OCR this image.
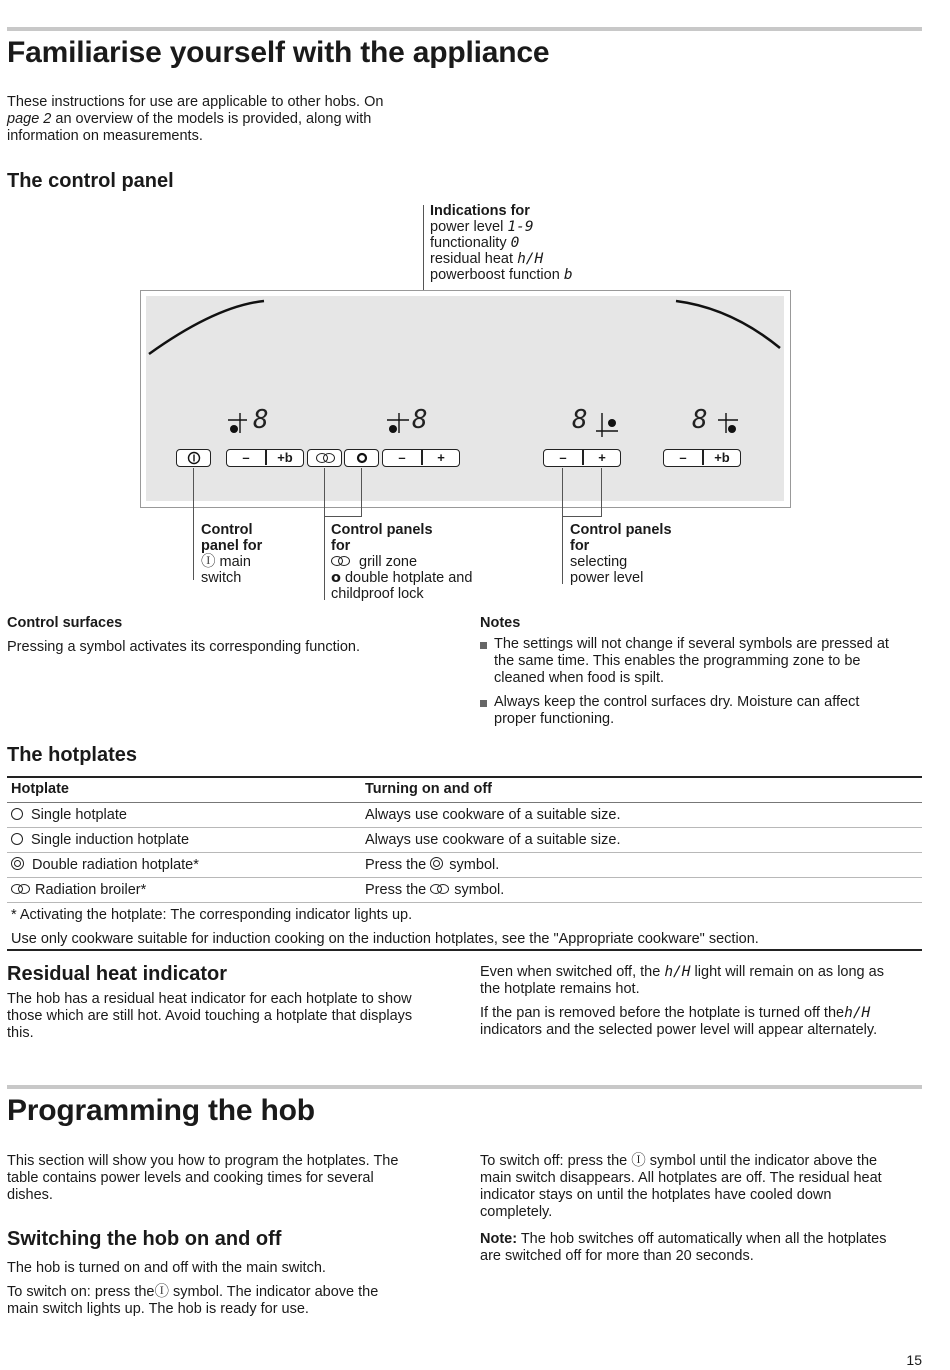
Familiarise yourself with the appliance
These instructions for use are applicable to other hobs. On
page 2 an overview of the models is provided, along with
information on measurements.
The control panel
Indications for
power level 1-9
functionality 0
residual heat h/H
powerboost function b
8	8	8	8
–	+b	–	+	–	+	–	+b
Control
panel for
Ⓘ main
switch
Control panels
for
grill zone
o double hotplate and
childproof lock
Control panels
for
selecting
power level
Control surfaces
Pressing a symbol activates its corresponding function.
Notes
The settings will not change if several symbols are pressed at
the same time. This enables the programming zone to be
cleaned when food is spilt.
Always keep the control surfaces dry. Moisture can affect
proper functioning.
The hotplates
Hotplate	Turning on and off
Single hotplate	Always use cookware of a suitable size.
Single induction hotplate	Always use cookware of a suitable size.
Double radiation hotplate*	Press the  symbol.
Radiation broiler*	Press the  symbol.
* Activating the hotplate: The corresponding indicator lights up.
Use only cookware suitable for induction cooking on the induction hotplates, see the "Appropriate cookware" section.
Residual heat indicator
The hob has a residual heat indicator for each hotplate to show
those which are still hot. Avoid touching a hotplate that displays
this.
Even when switched off, the h/H light will remain on as long as
the hotplate remains hot.
If the pan is removed before the hotplate is turned off theh/H
indicators and the selected power level will appear alternately.
Programming the hob
This section will show you how to program the hotplates. The
table contains power levels and cooking times for several
dishes.
Switching the hob on and off
The hob is turned on and off with the main switch.
To switch on: press theⒾ symbol. The indicator above the
main switch lights up. The hob is ready for use.
To switch off: press the Ⓘ symbol until the indicator above the
main switch disappears. All hotplates are off. The residual heat
indicator stays on until the hotplates have cooled down
completely.
Note: The hob switches off automatically when all the hotplates
are switched off for more than 20 seconds.
15
